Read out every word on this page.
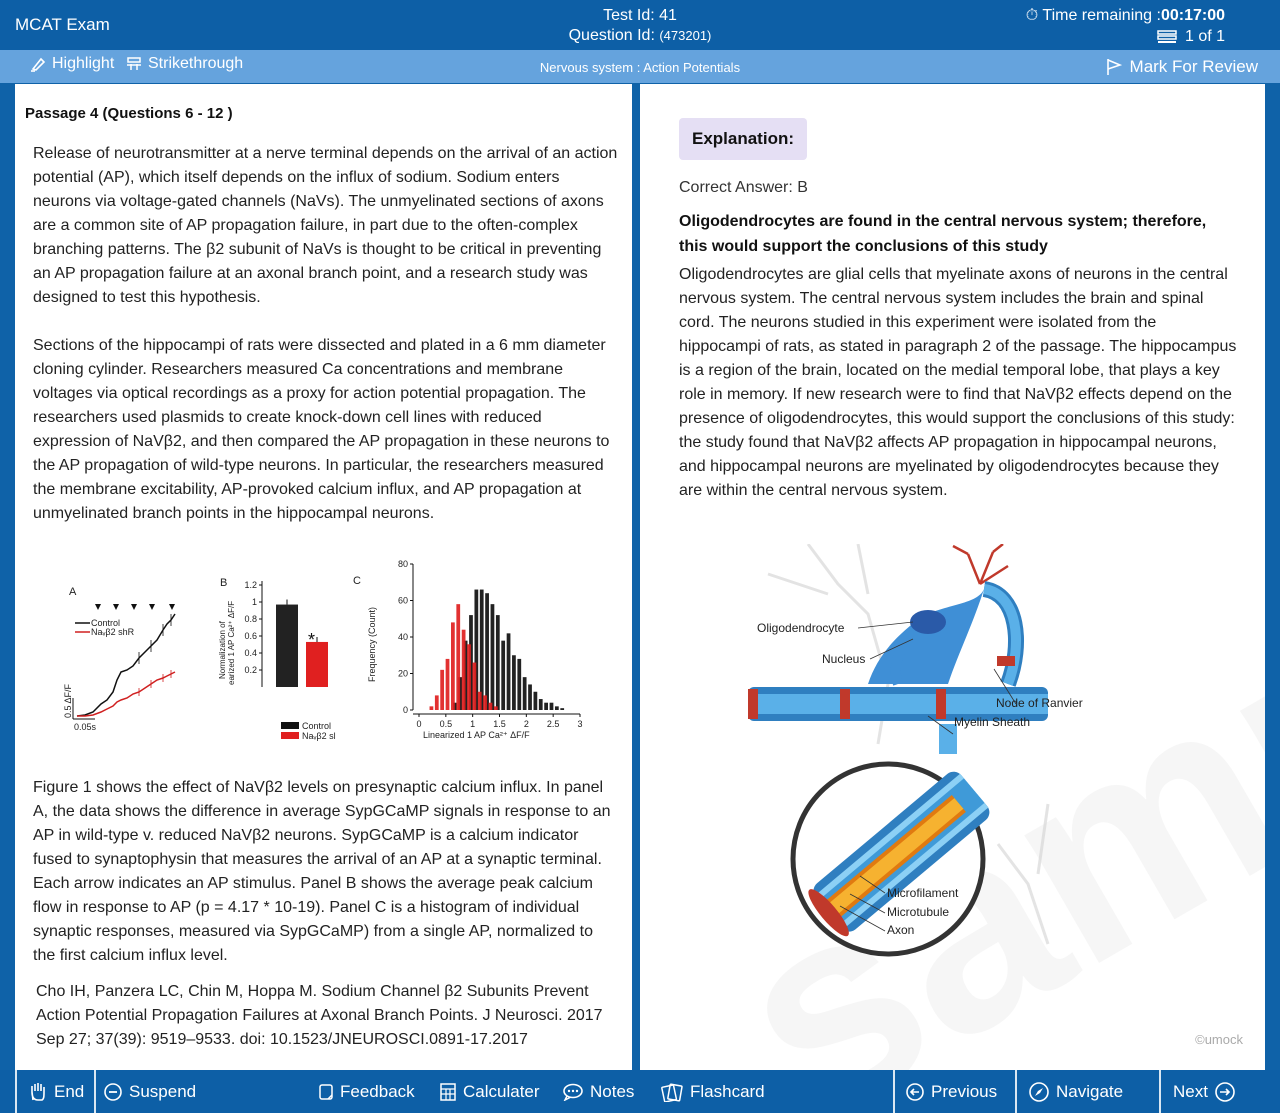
MCAT Exam	Test Id: 41
Question Id: (473201)
⏱ Time remaining :00:17:00
1 of 1
Highlight Strikethrough	Nervous system : Action Potentials	Mark For Review
Passage 4 (Questions 6 - 12 )
Release of neurotransmitter at a nerve terminal depends on the arrival of an action potential (AP), which itself depends on the influx of sodium. Sodium enters neurons via voltage-gated channels (NaVs). The unmyelinated sections of axons are a common site of AP propagation failure, in part due to the often-complex branching patterns. The β2 subunit of NaVs is thought to be critical in preventing an AP propagation failure at an axonal branch point, and a research study was designed to test this hypothesis.
Sections of the hippocampi of rats were dissected and plated in a 6 mm diameter cloning cylinder. Researchers measured Ca concentrations and membrane voltages via optical recordings as a proxy for action potential propagation. The researchers used plasmids to create knock-down cell lines with reduced expression of NaVβ2, and then compared the AP propagation in these neurons to the AP propagation of wild-type neurons. In particular, the researchers measured the membrane excitability, AP-provoked calcium influx, and AP propagation at unmyelinated branch points in the hippocampal neurons.
A
Control
Naᵥβ2 shR
0.5 ΔF/F
0.05s
B 1.2
1
0.8
0.6
0.4
0.2
Normalization of earized 1 AP Ca²⁺ ΔF/F	*
Control
Naᵥβ2 sl
C
80
60
40
20
0
0 0.5 1 1.5 2 2.5 3
Frequency (Count)
Linearized 1 AP Ca²⁺ ΔF/F
Figure 1 shows the effect of NaVβ2 levels on presynaptic calcium influx. In panel A, the data shows the difference in average SypGCaMP signals in response to an AP in wild-type v. reduced NaVβ2 neurons. SypGCaMP is a calcium indicator fused to synaptophysin that measures the arrival of an AP at a synaptic terminal. Each arrow indicates an AP stimulus. Panel B shows the average peak calcium flow in response to AP (p = 4.17 * 10-19). Panel C is a histogram of individual synaptic responses, measured via SypGCaMP) from a single AP, normalized to the first calcium influx level.
Cho IH, Panzera LC, Chin M, Hoppa M. Sodium Channel β2 Subunits Prevent Action Potential Propagation Failures at Axonal Branch Points. J Neurosci. 2017 Sep 27; 37(39): 9519–9533. doi: 10.1523/JNEUROSCI.0891-17.2017
Explanation:
Correct Answer: B
Oligodendrocytes are found in the central nervous system; therefore, this would support the conclusions of this study
Oligodendrocytes are glial cells that myelinate axons of neurons in the central nervous system. The central nervous system includes the brain and spinal cord. The neurons studied in this experiment were isolated from the hippocampi of rats, as stated in paragraph 2 of the passage. The hippocampus is a region of the brain, located on the medial temporal lobe, that plays a key role in memory. If new research were to find that NaVβ2 effects depend on the presence of oligodendrocytes, this would support the conclusions of this study: the study found that NaVβ2 affects AP propagation in hippocampal neurons, and hippocampal neurons are myelinated by oligodendrocytes because they are within the central nervous system.
Oligodendrocyte
Nucleus
Node of Ranvier
Myelin Sheath
Microfilament
Microtubule
Axon
©umock
End	Suspend	Feedback	Calculater	Notes	Flashcard	Previous	Navigate	Next
